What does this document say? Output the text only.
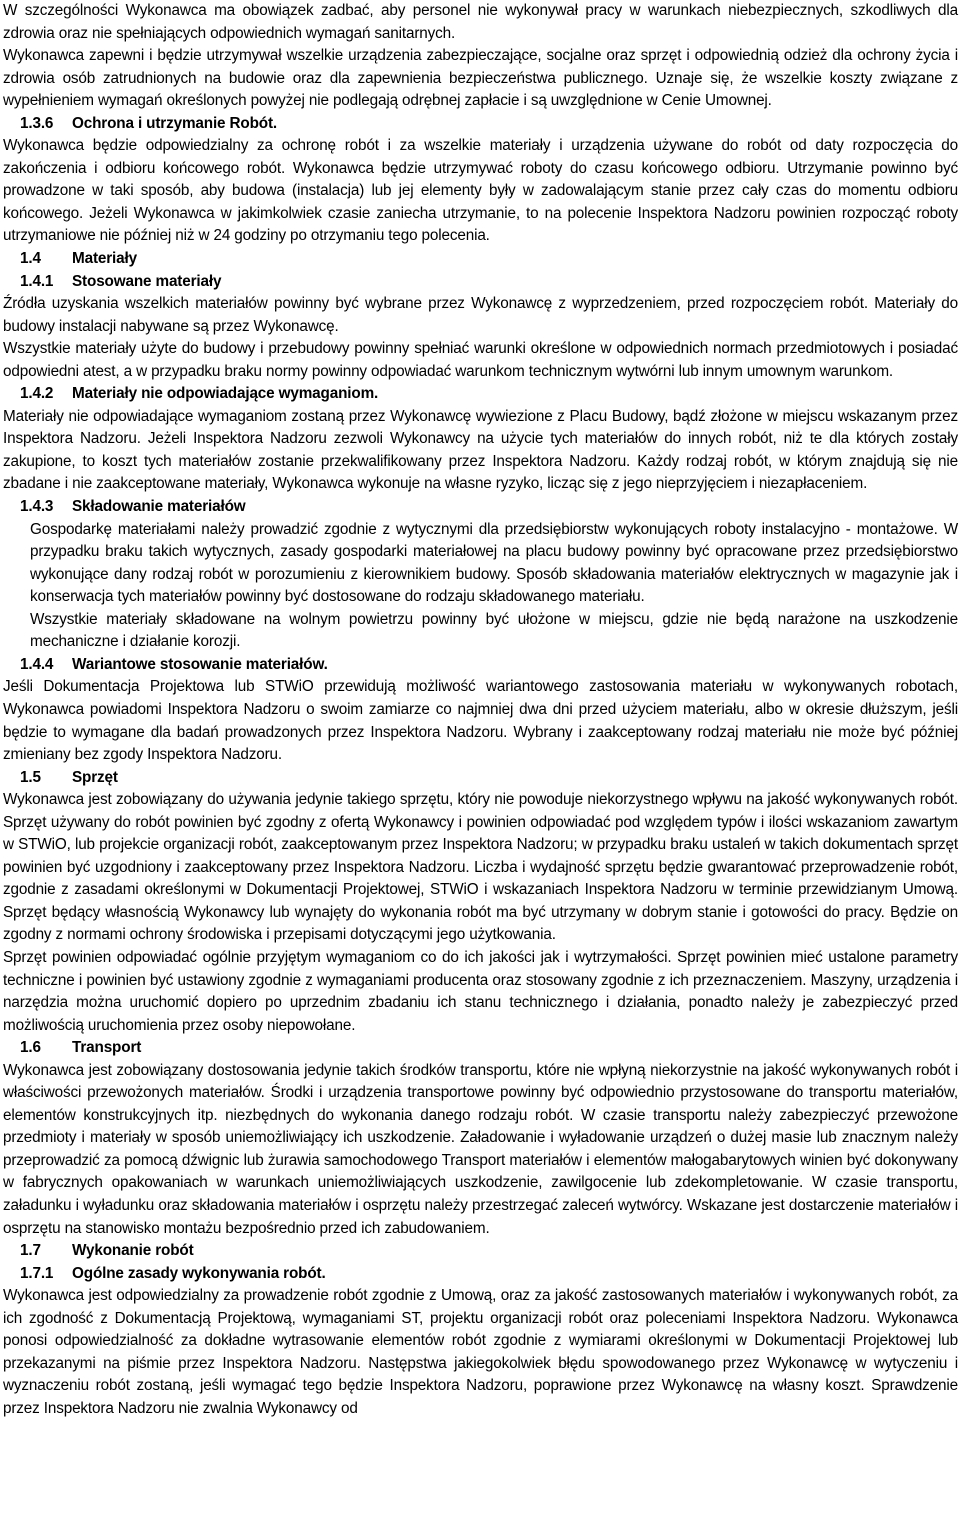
W szczególności Wykonawca ma obowiązek zadbać, aby personel nie wykonywał pracy w warunkach niebezpiecznych, szkodliwych dla zdrowia oraz nie spełniających odpowiednich wymagań sanitarnych.

Wykonawca zapewni i będzie utrzymywał wszelkie urządzenia zabezpieczające, socjalne oraz sprzęt i odpowiednią odzież dla ochrony życia i zdrowia osób zatrudnionych na budowie oraz dla zapewnienia bezpieczeństwa publicznego. Uznaje się, że wszelkie koszty związane z wypełnieniem wymagań określonych powyżej nie podlegają odrębnej zapłacie i są uwzględnione w Cenie Umownej.

1.3.6 Ochrona i utrzymanie Robót.

Wykonawca będzie odpowiedzialny za ochronę robót i za wszelkie materiały i urządzenia używane do robót od daty rozpoczęcia do zakończenia i odbioru końcowego robót. Wykonawca będzie utrzymywać roboty do czasu końcowego odbioru. Utrzymanie powinno być prowadzone w taki sposób, aby budowa (instalacja) lub jej elementy były w zadowalającym stanie przez cały czas do momentu odbioru końcowego. Jeżeli Wykonawca w jakimkolwiek czasie zaniecha utrzymanie, to na polecenie Inspektora Nadzoru powinien rozpocząć roboty utrzymaniowe nie później niż w 24 godziny po otrzymaniu tego polecenia.

1.4 Materiały

1.4.1 Stosowane materiały

Źródła uzyskania wszelkich materiałów powinny być wybrane przez Wykonawcę z wyprzedzeniem, przed rozpoczęciem robót. Materiały do budowy instalacji nabywane są przez Wykonawcę.

Wszystkie materiały użyte do budowy i przebudowy powinny spełniać warunki określone w odpowiednich normach przedmiotowych i posiadać odpowiedni atest, a w przypadku braku normy powinny odpowiadać warunkom technicznym wytwórni lub innym umownym warunkom.

1.4.2 Materiały nie odpowiadające wymaganiom.

Materiały nie odpowiadające wymaganiom zostaną przez Wykonawcę wywiezione z Placu Budowy, bądź złożone w miejscu wskazanym przez Inspektora Nadzoru. Jeżeli Inspektora Nadzoru zezwoli Wykonawcy na użycie tych materiałów do innych robót, niż te dla których zostały zakupione, to koszt tych materiałów zostanie przekwalifikowany przez Inspektora Nadzoru. Każdy rodzaj robót, w którym znajdują się nie zbadane i nie zaakceptowane materiały, Wykonawca wykonuje na własne ryzyko, licząc się z jego nieprzyjęciem i niezapłaceniem.

1.4.3 Składowanie materiałów

Gospodarkę materiałami należy prowadzić zgodnie z wytycznymi dla przedsiębiorstw wykonujących roboty instalacyjno - montażowe. W przypadku braku takich wytycznych, zasady gospodarki materiałowej na placu budowy powinny być opracowane przez przedsiębiorstwo wykonujące dany rodzaj robót w porozumieniu z kierownikiem budowy. Sposób składowania materiałów elektrycznych w magazynie jak i konserwacja tych materiałów powinny być dostosowane do rodzaju składowanego materiału.

Wszystkie materiały składowane na wolnym powietrzu powinny być ułożone w miejscu, gdzie nie będą narażone na uszkodzenie mechaniczne i działanie korozji.

1.4.4 Wariantowe stosowanie materiałów.

Jeśli Dokumentacja Projektowa lub STWiO przewidują możliwość wariantowego zastosowania materiału w wykonywanych robotach, Wykonawca powiadomi Inspektora Nadzoru o swoim zamiarze co najmniej dwa dni przed użyciem materiału, albo w okresie dłuższym, jeśli będzie to wymagane dla badań prowadzonych przez Inspektora Nadzoru. Wybrany i zaakceptowany rodzaj materiału nie może być później zmieniany bez zgody Inspektora Nadzoru.

1.5 Sprzęt

Wykonawca jest zobowiązany do używania jedynie takiego sprzętu, który nie powoduje niekorzystnego wpływu na jakość wykonywanych robót. Sprzęt używany do robót powinien być zgodny z ofertą Wykonawcy i powinien odpowiadać pod względem typów i ilości wskazaniom zawartym w STWiO, lub projekcie organizacji robót, zaakceptowanym przez Inspektora Nadzoru; w przypadku braku ustaleń w takich dokumentach sprzęt powinien być uzgodniony i zaakceptowany przez Inspektora Nadzoru. Liczba i wydajność sprzętu będzie gwarantować przeprowadzenie robót, zgodnie z zasadami określonymi w Dokumentacji Projektowej, STWiO i wskazaniach Inspektora Nadzoru w terminie przewidzianym Umową. Sprzęt będący własnością Wykonawcy lub wynajęty do wykonania robót ma być utrzymany w dobrym stanie i gotowości do pracy. Będzie on zgodny z normami ochrony środowiska i przepisami dotyczącymi jego użytkowania.

Sprzęt powinien odpowiadać ogólnie przyjętym wymaganiom co do ich jakości jak i wytrzymałości. Sprzęt powinien mieć ustalone parametry techniczne i powinien być ustawiony zgodnie z wymaganiami producenta oraz stosowany zgodnie z ich przeznaczeniem. Maszyny, urządzenia i narzędzia można uruchomić dopiero po uprzednim zbadaniu ich stanu technicznego i działania, ponadto należy je zabezpieczyć przed możliwością uruchomienia przez osoby niepowołane.

1.6 Transport

Wykonawca jest zobowiązany dostosowania jedynie takich środków transportu, które nie wpłyną niekorzystnie na jakość wykonywanych robót i właściwości przewożonych materiałów. Środki i urządzenia transportowe powinny być odpowiednio przystosowane do transportu materiałów, elementów konstrukcyjnych itp. niezbędnych do wykonania danego rodzaju robót. W czasie transportu należy zabezpieczyć przewożone przedmioty i materiały w sposób uniemożliwiający ich uszkodzenie. Załadowanie i wyładowanie urządzeń o dużej masie lub znacznym należy przeprowadzić za pomocą dźwignic lub żurawia samochodowego Transport materiałów i elementów małogabarytowych winien być dokonywany w fabrycznych opakowaniach w warunkach uniemożliwiających uszkodzenie, zawilgocenie lub zdekompletowanie. W czasie transportu, załadunku i wyładunku oraz składowania materiałów i osprzętu należy przestrzegać zaleceń wytwórcy. Wskazane jest dostarczenie materiałów i osprzętu na stanowisko montażu bezpośrednio przed ich zabudowaniem.

1.7 Wykonanie robót

1.7.1 Ogólne zasady wykonywania robót.

Wykonawca jest odpowiedzialny za prowadzenie robót zgodnie z Umową, oraz za jakość zastosowanych materiałów i wykonywanych robót, za ich zgodność z Dokumentacją Projektową, wymaganiami ST, projektu organizacji robót oraz poleceniami Inspektora Nadzoru. Wykonawca ponosi odpowiedzialność za dokładne wytrasowanie elementów robót zgodnie z wymiarami określonymi w Dokumentacji Projektowej lub przekazanymi na piśmie przez Inspektora Nadzoru. Następstwa jakiegokolwiek błędu spowodowanego przez Wykonawcę w wytyczeniu i wyznaczeniu robót zostaną, jeśli wymagać tego będzie Inspektora Nadzoru, poprawione przez Wykonawcę na własny koszt. Sprawdzenie przez Inspektora Nadzoru nie zwalnia Wykonawcy od
